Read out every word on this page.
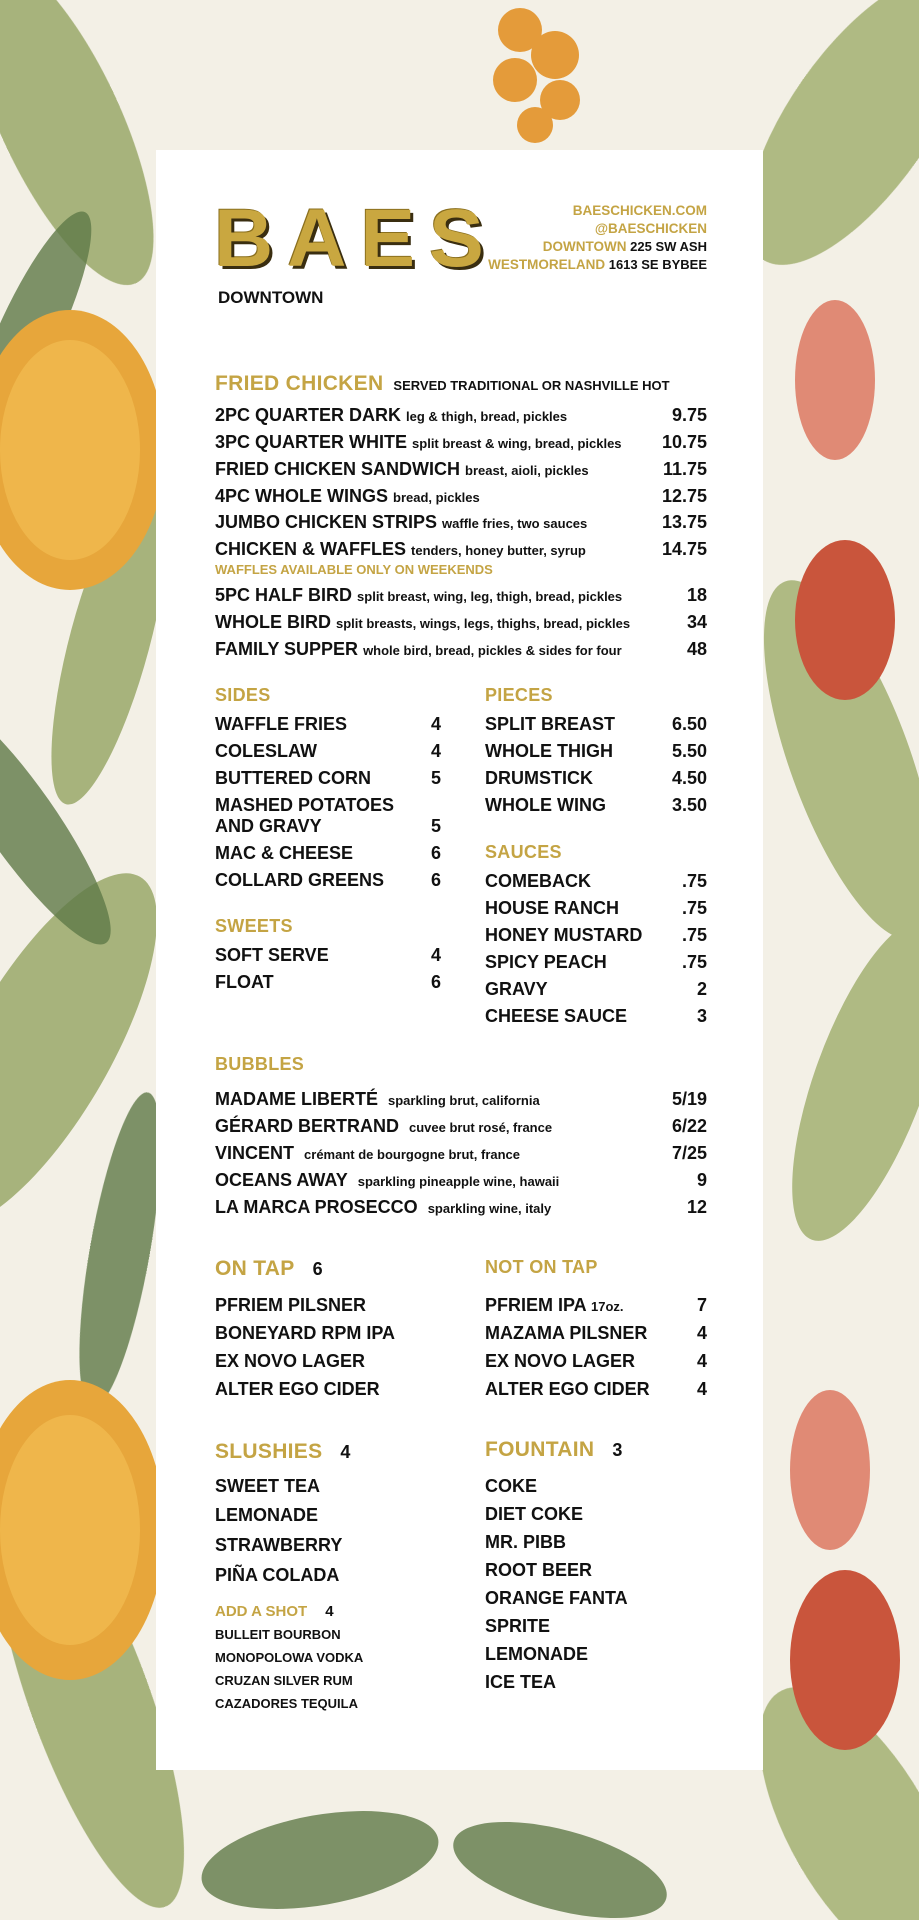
BAES
DOWNTOWN
BAESCHICKEN.COM
@BAESCHICKEN
DOWNTOWN 225 SW ASH
WESTMORELAND 1613 SE BYBEE
FRIED CHICKEN SERVED TRADITIONAL OR NASHVILLE HOT
2PC QUARTER DARK leg & thigh, bread, pickles	9.75
3PC QUARTER WHITE split breast & wing, bread, pickles 10.75
FRIED CHICKEN SANDWICH breast, aioli, pickles	11.75
4PC WHOLE WINGS bread, pickles	12.75
JUMBO CHICKEN STRIPS waffle fries, two sauces	13.75
CHICKEN & WAFFLES tenders, honey butter, syrup	14.75
WAFFLES AVAILABLE ONLY ON WEEKENDS
5PC HALF BIRD split breast, wing, leg, thigh, bread, pickles	18
WHOLE BIRD split breasts, wings, legs, thighs, bread, pickles	34
FAMILY SUPPER whole bird, bread, pickles & sides for four	48
SIDES
WAFFLE FRIES	4
COLESLAW	4
BUTTERED CORN	5
MASHED POTATOES
AND GRAVY	5
MAC & CHEESE	6
COLLARD GREENS	6
SWEETS
SOFT SERVE	4
FLOAT	6
PIECES
SPLIT BREAST	6.50
WHOLE THIGH	5.50
DRUMSTICK	4.50
WHOLE WING	3.50
SAUCES
COMEBACK	.75
HOUSE RANCH	.75
HONEY MUSTARD .75
SPICY PEACH	.75
GRAVY	2
CHEESE SAUCE	3
BUBBLES
MADAME LIBERTÉ sparkling brut, california	5/19
GÉRARD BERTRAND cuvee brut rosé, france	6/22
VINCENT crémant de bourgogne brut, france	7/25
OCEANS AWAY sparkling pineapple wine, hawaii	9
LA MARCA PROSECCO sparkling wine, italy	12
ON TAP 6
PFRIEM PILSNER
BONEYARD RPM IPA
EX NOVO LAGER
ALTER EGO CIDER
NOT ON TAP
PFRIEM IPA 17oz.	7
MAZAMA PILSNER	4
EX NOVO LAGER	4
ALTER EGO CIDER	4
SLUSHIES 4
SWEET TEA
LEMONADE
STRAWBERRY
PIÑA COLADA
ADD A SHOT 4
BULLEIT BOURBON
MONOPOLOWA VODKA
CRUZAN SILVER RUM
CAZADORES TEQUILA
FOUNTAIN 3
COKE
DIET COKE
MR. PIBB
ROOT BEER
ORANGE FANTA
SPRITE
LEMONADE
ICE TEA
